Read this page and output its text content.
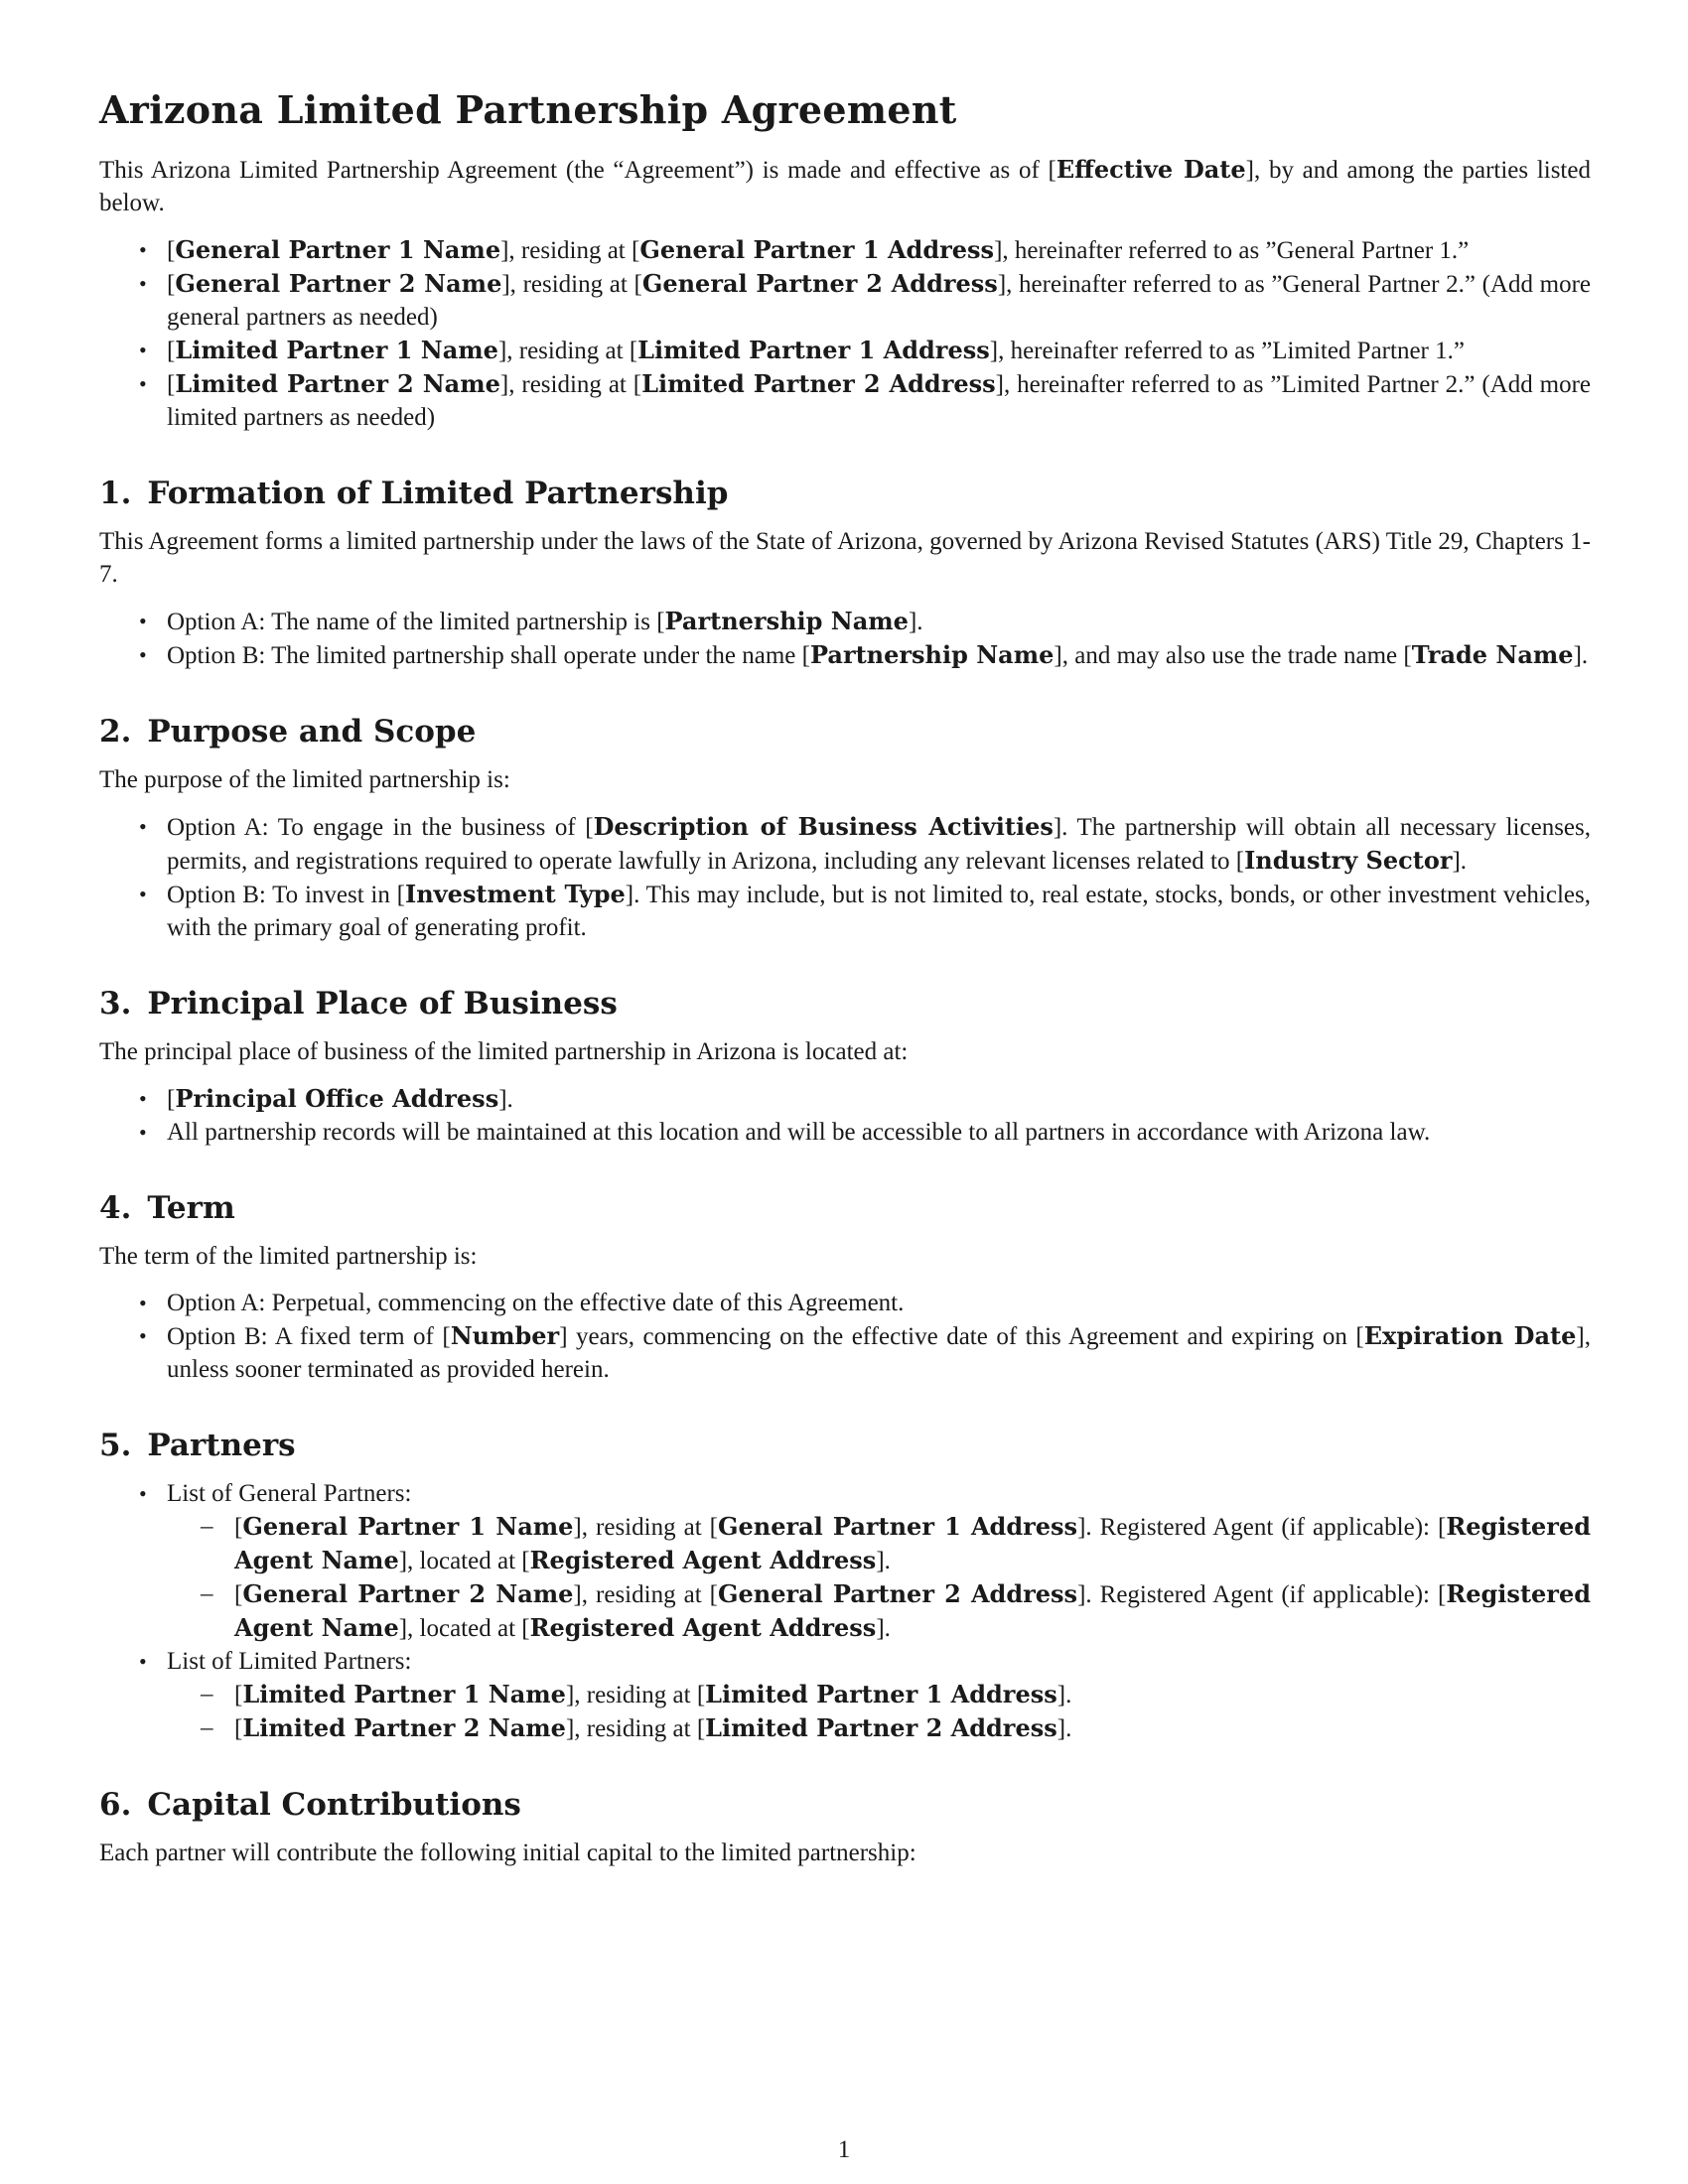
Arizona Limited Partnership Agreement

This Arizona Limited Partnership Agreement (the “Agreement”) is made and effective as of [Effective Date], by and among the parties listed below.

• [General Partner 1 Name], residing at [General Partner 1 Address], hereinafter referred to as ”General Partner 1.”
• [General Partner 2 Name], residing at [General Partner 2 Address], hereinafter referred to as ”General Partner 2.” (Add more general partners as needed)
• [Limited Partner 1 Name], residing at [Limited Partner 1 Address], hereinafter referred to as ”Limited Partner 1.”
• [Limited Partner 2 Name], residing at [Limited Partner 2 Address], hereinafter referred to as ”Limited Partner 2.” (Add more limited partners as needed)
1. Formation of Limited Partnership

This Agreement forms a limited partnership under the laws of the State of Arizona, governed by Arizona Revised Statutes (ARS) Title 29, Chapters 1-7.

• Option A: The name of the limited partnership is [Partnership Name].
• Option B: The limited partnership shall operate under the name [Partnership Name], and may also use the trade name [Trade Name].
2. Purpose and Scope

The purpose of the limited partnership is:

• Option A: To engage in the business of [Description of Business Activities]. The partnership will obtain all necessary licenses, permits, and registrations required to operate lawfully in Arizona, including any relevant licenses related to [Industry Sector].
• Option B: To invest in [Investment Type]. This may include, but is not limited to, real estate, stocks, bonds, or other investment vehicles, with the primary goal of generating profit.
3. Principal Place of Business

The principal place of business of the limited partnership in Arizona is located at:

• [Principal Office Address].
• All partnership records will be maintained at this location and will be accessible to all partners in accordance with Arizona law.
4. Term

The term of the limited partnership is:

• Option A: Perpetual, commencing on the effective date of this Agreement.
• Option B: A fixed term of [Number] years, commencing on the effective date of this Agreement and expiring on [Expiration Date], unless sooner terminated as provided herein.
5. Partners
• List of General Partners:
– [General Partner 1 Name], residing at [General Partner 1 Address]. Registered Agent (if applicable): [Registered Agent Name], located at [Registered Agent Address].
– [General Partner 2 Name], residing at [General Partner 2 Address]. Registered Agent (if applicable): [Registered Agent Name], located at [Registered Agent Address].
• List of Limited Partners:
– [Limited Partner 1 Name], residing at [Limited Partner 1 Address].
– [Limited Partner 2 Name], residing at [Limited Partner 2 Address].
6. Capital Contributions

Each partner will contribute the following initial capital to the limited partnership:

1
